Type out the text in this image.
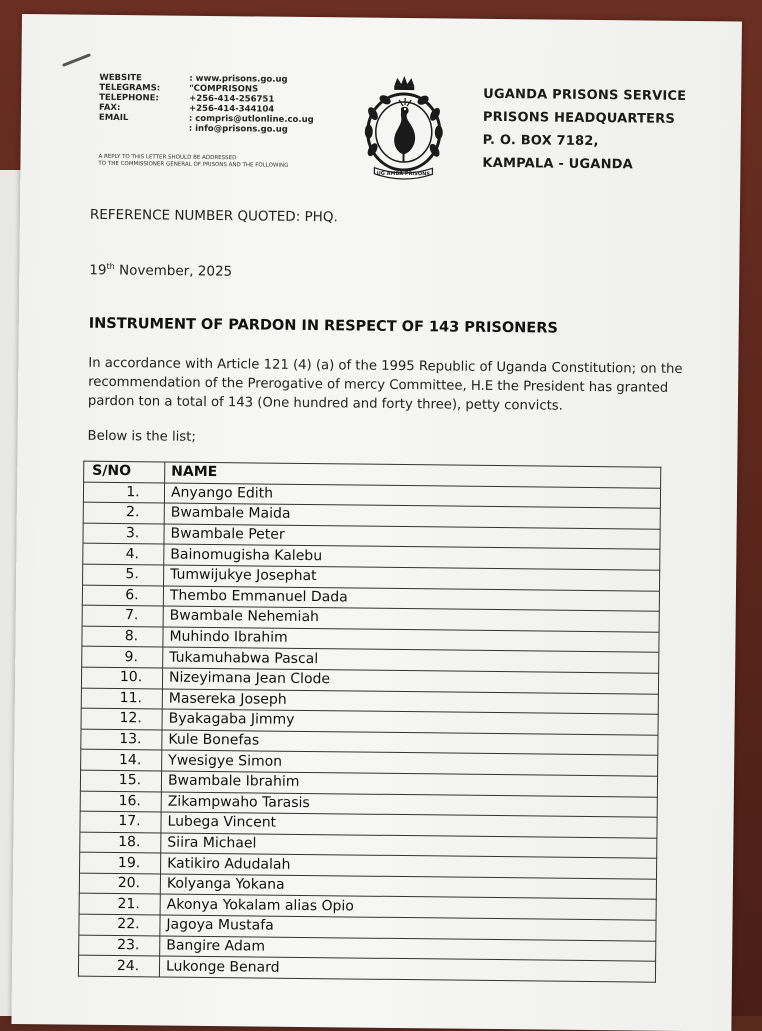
WEBSITE	: www.prisons.go.ug
TELEGRAMS:	"COMPRISONS
TELEPHONE:	+256-414-256751
FAX:	+256-414-344104
EMAIL	: compris@utlonline.co.ug
: info@prisons.go.ug
A REPLY TO THIS LETTER SHOULD BE ADDRESSED
TO THE COMMISSIONER GENERAL OF PRISONS AND THE FOLLOWING
UG AMBA PRISONS
UGANDA PRISONS SERVICE
PRISONS HEADQUARTERS
P. O. BOX 7182,
KAMPALA - UGANDA
REFERENCE NUMBER QUOTED: PHQ.
19th November, 2025
INSTRUMENT OF PARDON IN RESPECT OF 143 PRISONERS
In accordance with Article 121 (4) (a) of the 1995 Republic of Uganda Constitution; on the recommendation of the Prerogative of mercy Committee, H.E the President has granted pardon ton a total of 143 (One hundred and forty three), petty convicts.
Below is the list;
S/NO	NAME
1.	Anyango Edith
2.	Bwambale Maida
3.	Bwambale Peter
4.	Bainomugisha Kalebu
5.	Tumwijukye Josephat
6.	Thembo Emmanuel Dada
7.	Bwambale Nehemiah
8.	Muhindo Ibrahim
9.	Tukamuhabwa Pascal
10.	Nizeyimana Jean Clode
11.	Masereka Joseph
12.	Byakagaba Jimmy
13.	Kule Bonefas
14.	Ywesigye Simon
15.	Bwambale Ibrahim
16.	Zikampwaho Tarasis
17.	Lubega Vincent
18.	Siira Michael
19.	Katikiro Adudalah
20.	Kolyanga Yokana
21.	Akonya Yokalam alias Opio
22.	Jagoya Mustafa
23.	Bangire Adam
24.	Lukonge Benard
